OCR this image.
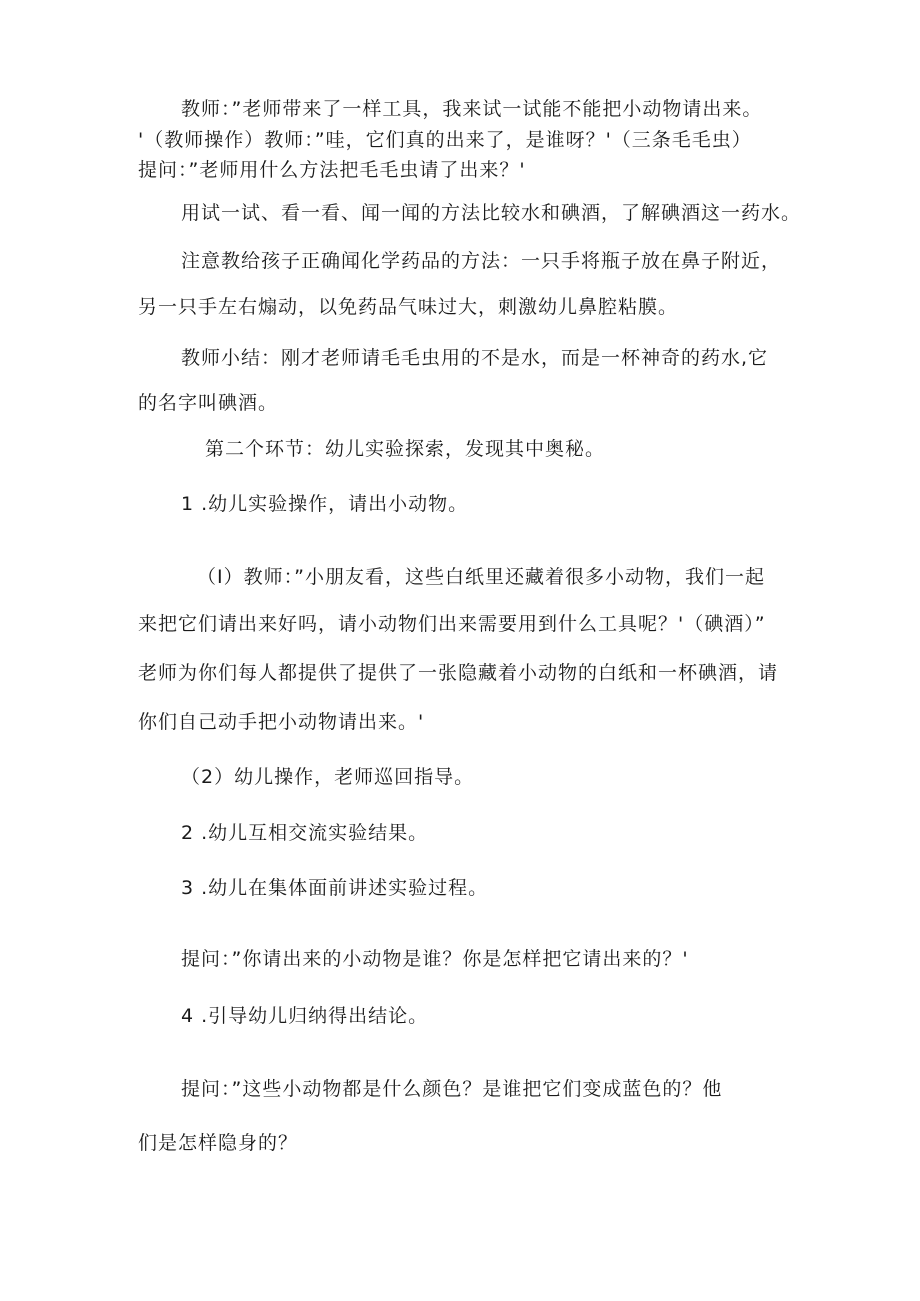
教师：”老师带来了一样工具，我来试一试能不能把小动物请出来。
'（教师操作）教师：”哇，它们真的出来了，是谁呀？'（三条毛毛虫）
提问：”老师用什么方法把毛毛虫请了出来？'
用试一试、看一看、闻一闻的方法比较水和碘酒，了解碘酒这一药水。
注意教给孩子正确闻化学药品的方法：一只手将瓶子放在鼻子附近，
另一只手左右煽动，以免药品气味过大，刺激幼儿鼻腔粘膜。
教师小结：刚才老师请毛毛虫用的不是水，而是一杯神奇的药水,它
的名字叫碘酒。
第二个环节：幼儿实验探索，发现其中奥秘。
1 .幼儿实验操作，请出小动物。
（I）教师：”小朋友看，这些白纸里还藏着很多小动物，我们一起
来把它们请出来好吗，请小动物们出来需要用到什么工具呢？'（碘酒）”
老师为你们每人都提供了提供了一张隐藏着小动物的白纸和一杯碘酒，请
你们自己动手把小动物请出来。'
（2）幼儿操作，老师巡回指导。
2 .幼儿互相交流实验结果。
3 .幼儿在集体面前讲述实验过程。
提问：”你请出来的小动物是谁？你是怎样把它请出来的？'
4 .引导幼儿归纳得出结论。
提问：”这些小动物都是什么颜色？是谁把它们变成蓝色的？他
们是怎样隐身的？
